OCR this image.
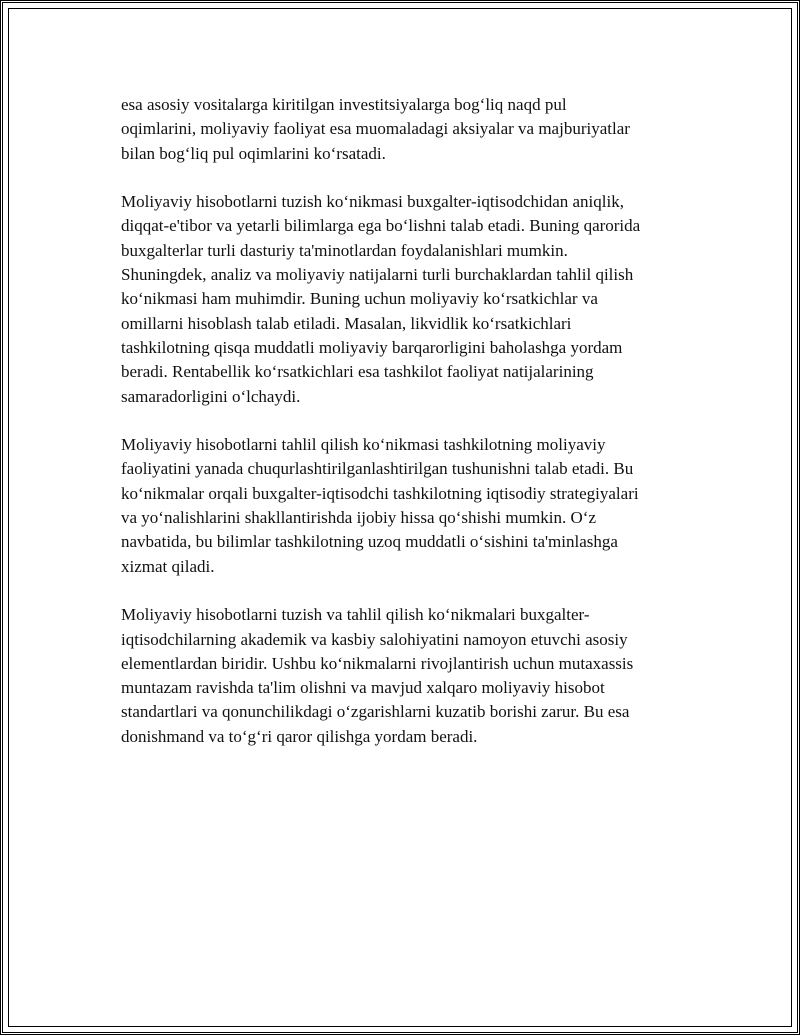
esa asosiy vositalarga kiritilgan investitsiyalarga bog‘liq naqd pul
oqimlarini, moliyaviy faoliyat esa muomaladagi aksiyalar va majburiyatlar
bilan bog‘liq pul oqimlarini ko‘rsatadi.

Moliyaviy hisobotlarni tuzish ko‘nikmasi buxgalter-iqtisodchidan aniqlik,
diqqat-e'tibor va yetarli bilimlarga ega bo‘lishni talab etadi. Buning qarorida
buxgalterlar turli dasturiy ta'minotlardan foydalanishlari mumkin.
Shuningdek, analiz va moliyaviy natijalarni turli burchaklardan tahlil qilish
ko‘nikmasi ham muhimdir. Buning uchun moliyaviy ko‘rsatkichlar va
omillarni hisoblash talab etiladi. Masalan, likvidlik ko‘rsatkichlari
tashkilotning qisqa muddatli moliyaviy barqarorligini baholashga yordam
beradi. Rentabellik ko‘rsatkichlari esa tashkilot faoliyat natijalarining
samaradorligini o‘lchaydi.

Moliyaviy hisobotlarni tahlil qilish ko‘nikmasi tashkilotning moliyaviy
faoliyatini yanada chuqurlashtirilganlashtirilgan tushunishni talab etadi. Bu
ko‘nikmalar orqali buxgalter-iqtisodchi tashkilotning iqtisodiy strategiyalari
va yo‘nalishlarini shakllantirishda ijobiy hissa qo‘shishi mumkin. O‘z
navbatida, bu bilimlar tashkilotning uzoq muddatli o‘sishini ta'minlashga
xizmat qiladi.

Moliyaviy hisobotlarni tuzish va tahlil qilish ko‘nikmalari buxgalter-
iqtisodchilarning akademik va kasbiy salohiyatini namoyon etuvchi asosiy
elementlardan biridir. Ushbu ko‘nikmalarni rivojlantirish uchun mutaxassis
muntazam ravishda ta'lim olishni va mavjud xalqaro moliyaviy hisobot
standartlari va qonunchilikdagi o‘zgarishlarni kuzatib borishi zarur. Bu esa
donishmand va to‘g‘ri qaror qilishga yordam beradi.
